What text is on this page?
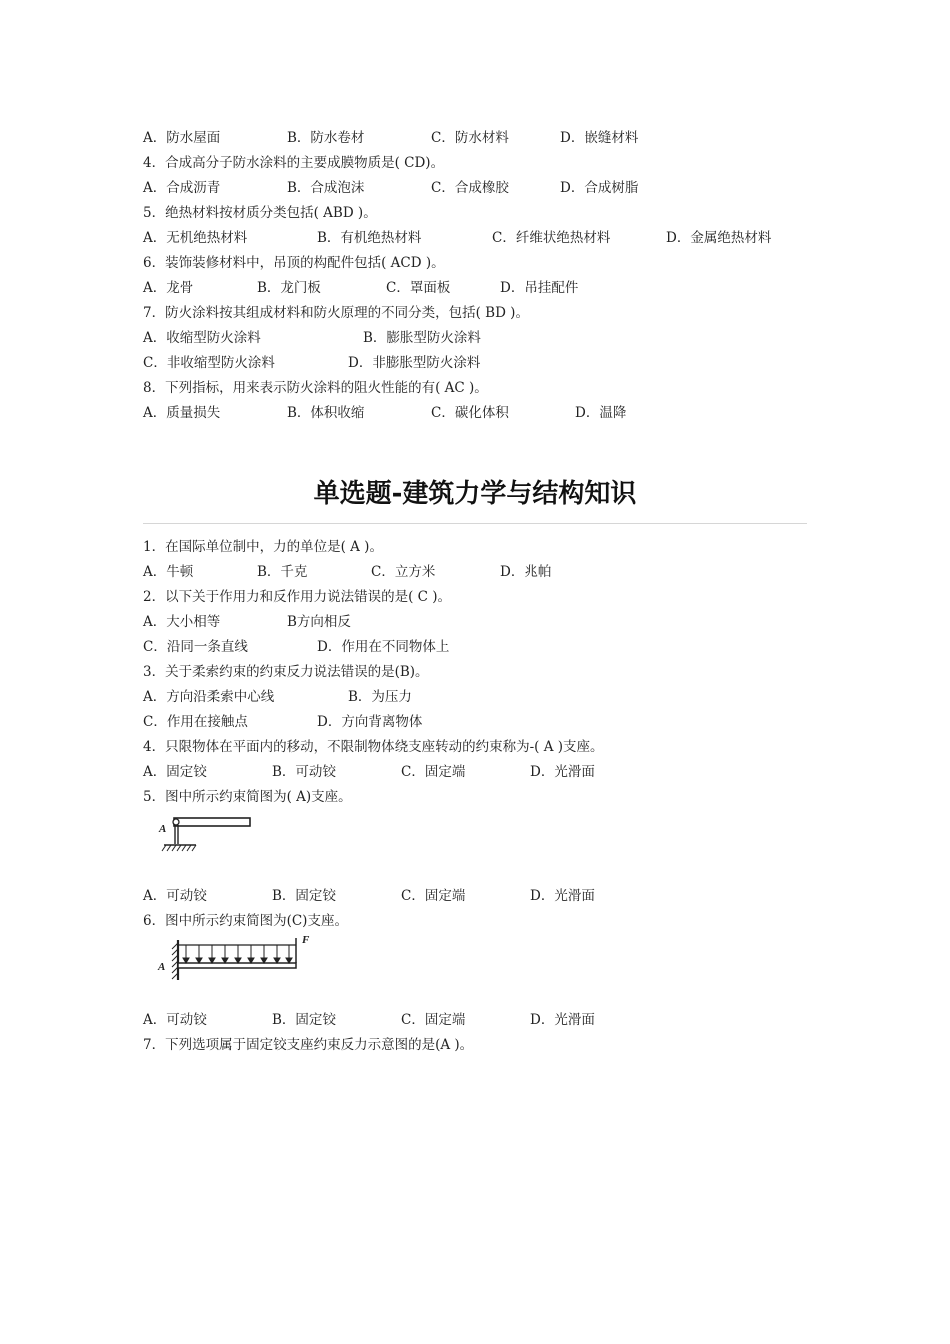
A．防水屋面	B．防水卷材	C．防水材料	D．嵌缝材料
4．合成高分子防水涂料的主要成膜物质是( CD)。
A．合成沥青	B．合成泡沫	C．合成橡胶	D．合成树脂
5．绝热材料按材质分类包括( ABD )。
A．无机绝热材料	B．有机绝热材料	C．纤维状绝热材料	D．金属绝热材料
6．装饰装修材料中，吊顶的构配件包括( ACD )。
A．龙骨	B．龙门板	C．罩面板	D．吊挂配件
7．防火涂料按其组成材料和防火原理的不同分类，包括( BD )。
A．收缩型防火涂料	B．膨胀型防火涂料
C．非收缩型防火涂料	D．非膨胀型防火涂料
8．下列指标，用来表示防火涂料的阻火性能的有( AC )。
A．质量损失	B．体积收缩	C．碳化体积	D．温降
单选题-建筑力学与结构知识
1．在国际单位制中，力的单位是( A )。
A．牛顿	B．千克	C．立方米	D．兆帕
2．以下关于作用力和反作用力说法错误的是( C )。
A．大小相等	B方向相反
C．沿同一条直线	D．作用在不同物体上
3．关于柔索约束的约束反力说法错误的是(B)。
A．方向沿柔索中心线	B．为压力
C．作用在接触点	D．方向背离物体
4．只限物体在平面内的移动，不限制物体绕支座转动的约束称为-( A )支座。
A．固定铰	B．可动铰	C．固定端	D．光滑面
5．图中所示约束简图为( A)支座。
A
A．可动铰	B．固定铰	C．固定端	D．光滑面
6．图中所示约束简图为(C)支座。
A
F
A．可动铰	B．固定铰	C．固定端	D．光滑面
7．下列选项属于固定铰支座约束反力示意图的是(A )。
